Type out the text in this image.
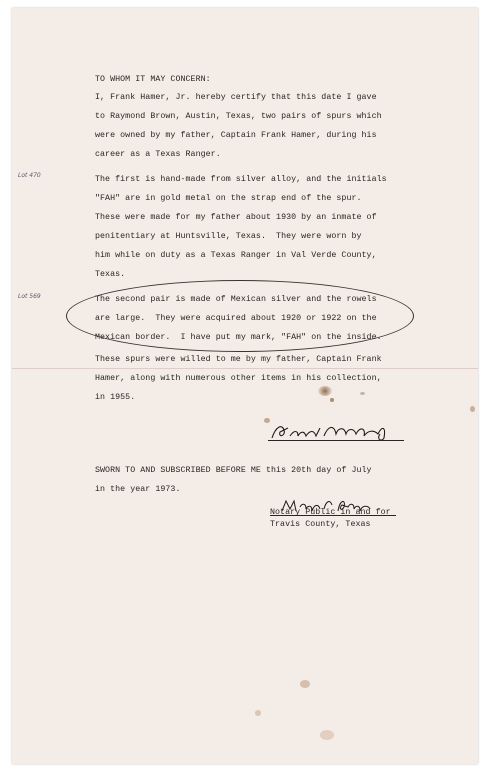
TO WHOM IT MAY CONCERN:
I, Frank Hamer, Jr. hereby certify that this date I gave
to Raymond Brown, Austin, Texas, two pairs of spurs which
were owned by my father, Captain Frank Hamer, during his
career as a Texas Ranger.
Lot 470	The first is hand-made from silver alloy, and the initials
"FAH" are in gold metal on the strap end of the spur.
These were made for my father about 1930 by an inmate of
penitentiary at Huntsville, Texas.  They were worn by
him while on duty as a Texas Ranger in Val Verde County,
Texas.
Lot 569	The second pair is made of Mexican silver and the rowels
are large.  They were acquired about 1920 or 1922 on the
Mexican border.  I have put my mark, "FAH" on the inside.
These spurs were willed to me by my father, Captain Frank
Hamer, along with numerous other items in his collection,
in 1955.
SWORN TO AND SUBSCRIBED BEFORE ME this 20th day of July
in the year 1973.
Notary Public in and for
Travis County, Texas
